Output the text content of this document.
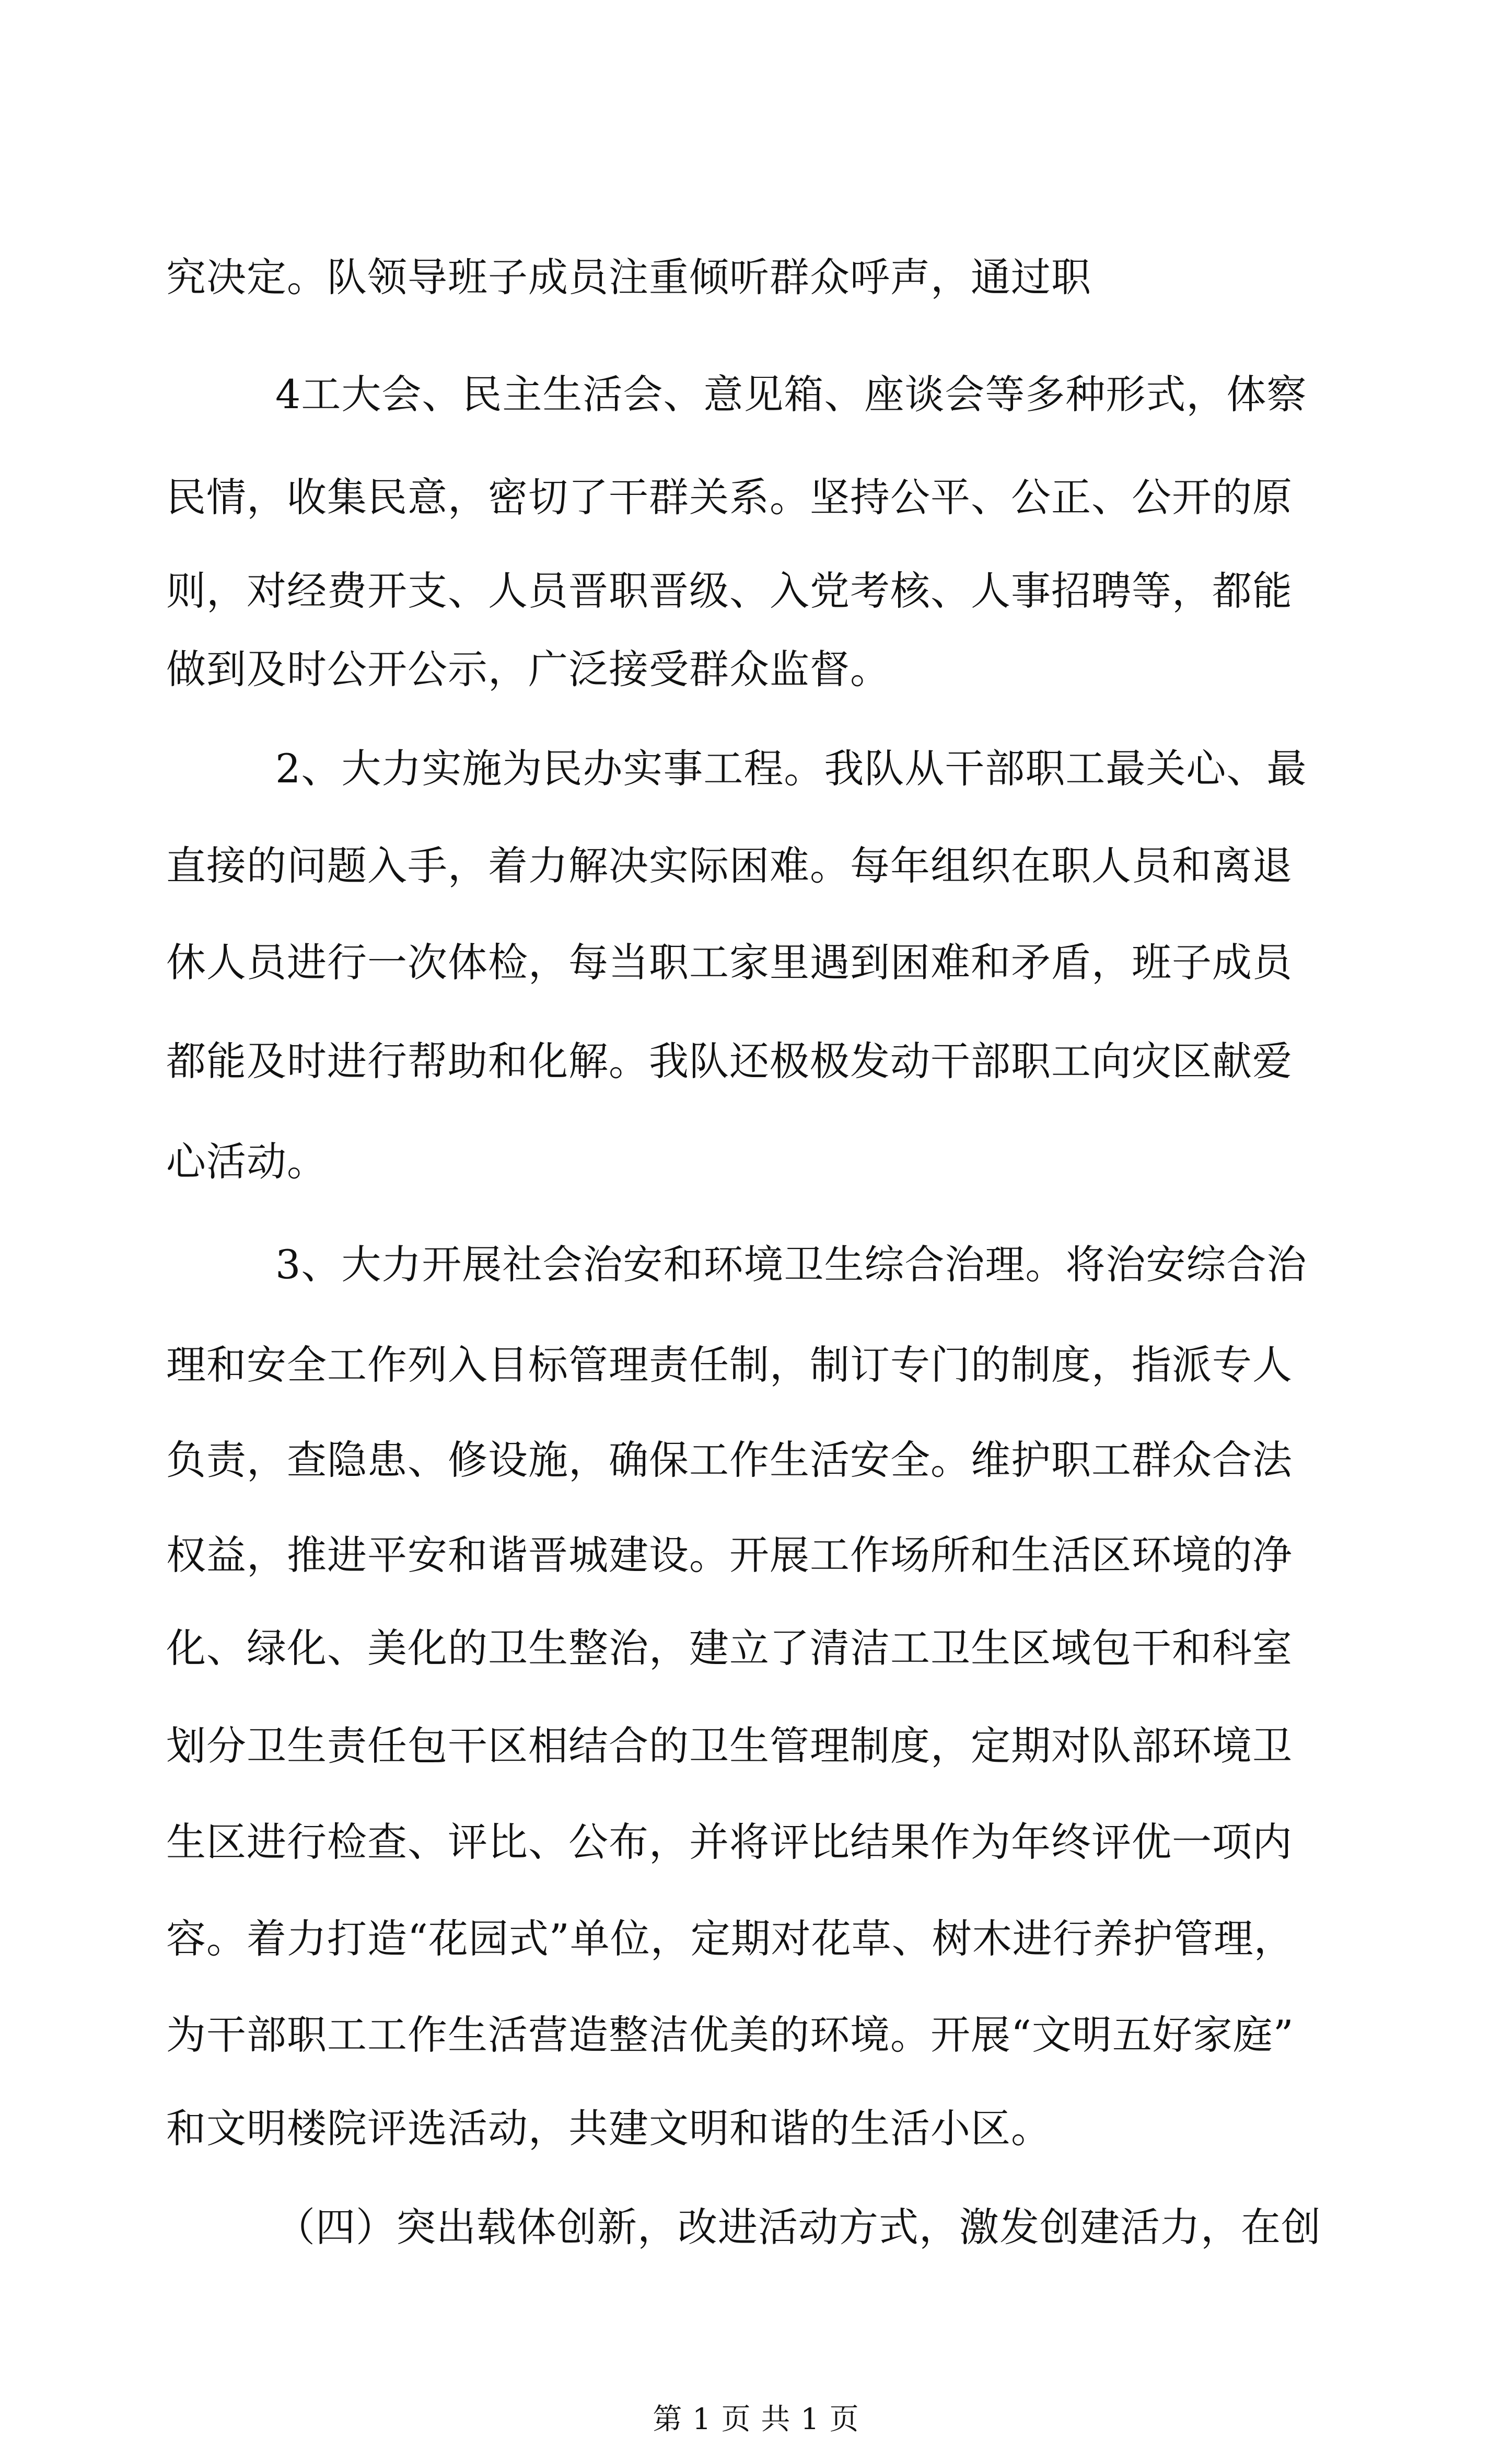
究决定。队领导班子成员注重倾听群众呼声，通过职
4工大会、民主生活会、意见箱、座谈会等多种形式，体察
民情，收集民意，密切了干群关系。坚持公平、公正、公开的原
则，对经费开支、人员晋职晋级、入党考核、人事招聘等，都能
做到及时公开公示，广泛接受群众监督。
2、大力实施为民办实事工程。我队从干部职工最关心、最
直接的问题入手，着力解决实际困难。每年组织在职人员和离退
休人员进行一次体检，每当职工家里遇到困难和矛盾，班子成员
都能及时进行帮助和化解。我队还极极发动干部职工向灾区献爱
心活动。
3、大力开展社会治安和环境卫生综合治理。将治安综合治
理和安全工作列入目标管理责任制，制订专门的制度，指派专人
负责，查隐患、修设施，确保工作生活安全。维护职工群众合法
权益，推进平安和谐晋城建设。开展工作场所和生活区环境的净
化、绿化、美化的卫生整治，建立了清洁工卫生区域包干和科室
划分卫生责任包干区相结合的卫生管理制度，定期对队部环境卫
生区进行检查、评比、公布，并将评比结果作为年终评优一项内
容。着力打造“花园式”单位，定期对花草、树木进行养护管理，
为干部职工工作生活营造整洁优美的环境。开展“文明五好家庭”
和文明楼院评选活动，共建文明和谐的生活小区。
（四）突出载体创新，改进活动方式，激发创建活力，在创
第 1 页 共 1 页
